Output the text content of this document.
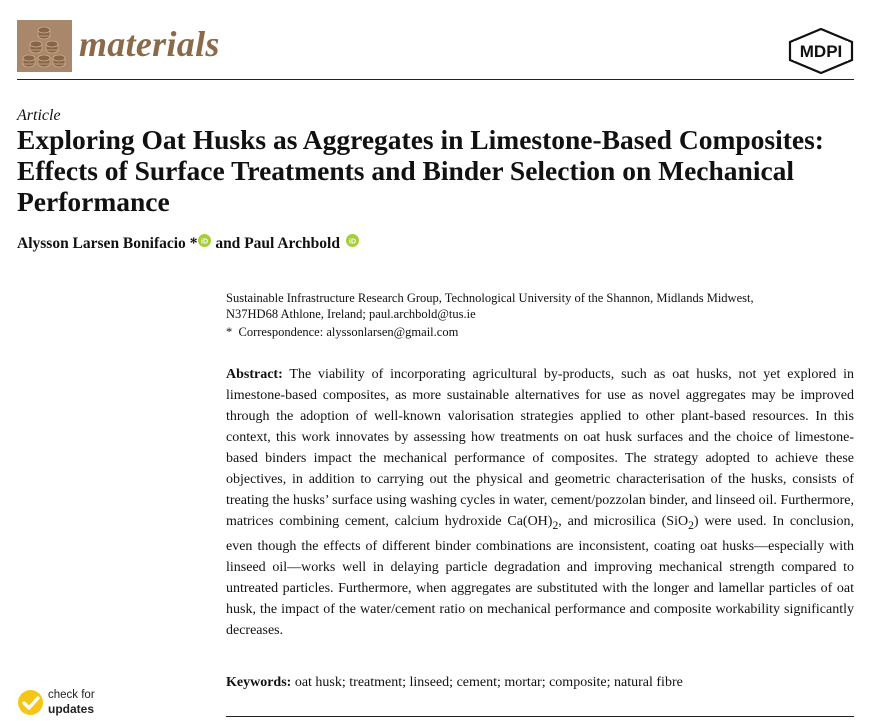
materials	MDPI
Article
Exploring Oat Husks as Aggregates in Limestone-Based Composites: Effects of Surface Treatments and Binder Selection on Mechanical Performance
Alysson Larsen Bonifacio * iD and Paul Archbold iD
Sustainable Infrastructure Research Group, Technological University of the Shannon, Midlands Midwest,
N37HD68 Athlone, Ireland; paul.archbold@tus.ie
* Correspondence: alyssonlarsen@gmail.com

Abstract: The viability of incorporating agricultural by-products, such as oat husks, not yet explored in limestone-based composites, as more sustainable alternatives for use as novel aggregates may be improved through the adoption of well-known valorisation strategies applied to other plant-based resources. In this context, this work innovates by assessing how treatments on oat husk surfaces and the choice of limestone-based binders impact the mechanical performance of composites. The strategy adopted to achieve these objectives, in addition to carrying out the physical and geometric characterisation of the husks, consists of treating the husks’ surface using washing cycles in water, cement/pozzolan binder, and linseed oil. Furthermore, matrices combining cement, calcium hydroxide $Ca(OH)_2$, and microsilica (SiO$_2$) were used. In conclusion, even though the effects of different binder combinations are inconsistent, coating oat husks—especially with linseed oil—works well in delaying particle degradation and improving mechanical strength compared to untreated particles. Furthermore, when aggregates are substituted with the longer and lamellar particles of oat husk, the impact of the water/cement ratio on mechanical performance and composite workability significantly decreases.

Keywords: oat husk; treatment; linseed; cement; mortar; composite; natural fibre

check for
updates
